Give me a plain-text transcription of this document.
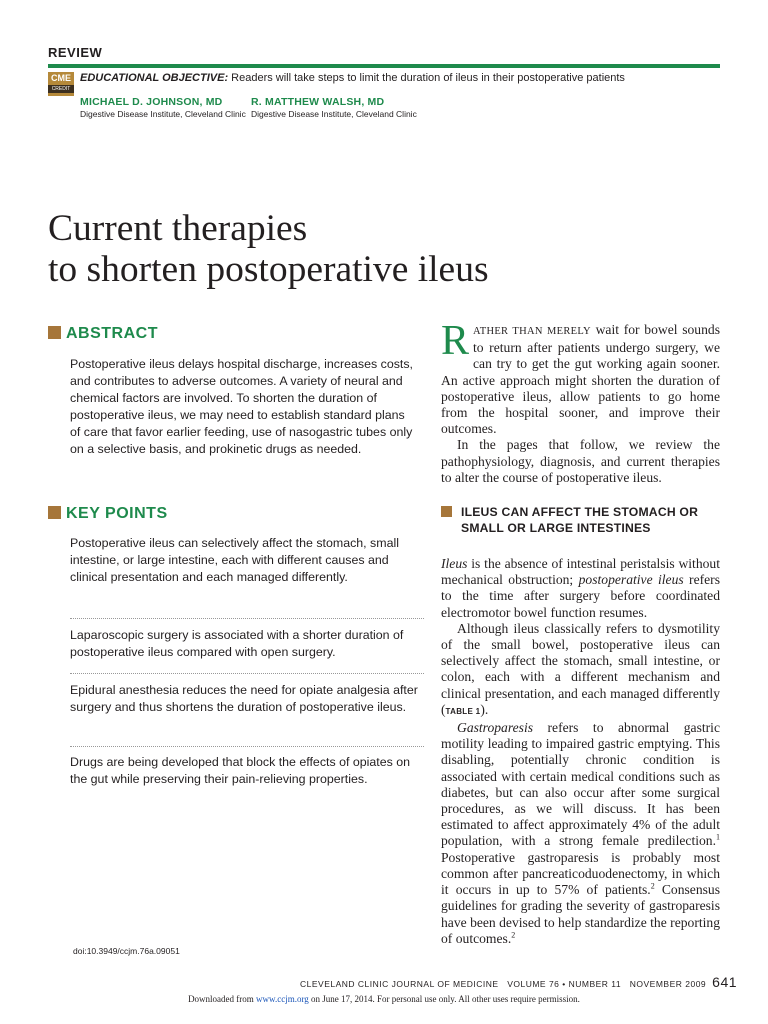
REVIEW
CME
CREDIT
EDUCATIONAL OBJECTIVE: Readers will take steps to limit the duration of ileus in their postoperative patients
MICHAEL D. JOHNSON, MD
Digestive Disease Institute, Cleveland Clinic
R. MATTHEW WALSH, MD
Digestive Disease Institute, Cleveland Clinic
Current therapies
to shorten postoperative ileus
ABSTRACT

Postoperative ileus delays hospital discharge, increases costs, and contributes to adverse outcomes. A variety of neural and chemical factors are involved. To shorten the duration of postoperative ileus, we may need to establish standard plans of care that favor earlier feeding, use of nasogastric tubes only on a selective basis, and prokinetic drugs as needed.

KEY POINTS

Postoperative ileus can selectively affect the stomach, small intestine, or large intestine, each with different causes and clinical presentation and each managed differently.

Laparoscopic surgery is associated with a shorter duration of postoperative ileus compared with open surgery.

Epidural anesthesia reduces the need for opiate analgesia after surgery and thus shortens the duration of postoperative ileus.

Drugs are being developed that block the effects of opiates on the gut while preserving their pain-relieving properties.

doi:10.3949/ccjm.76a.09051

RATHER THAN MERELY wait for bowel sounds to return after patients undergo surgery, we can try to get the gut working again sooner. An active approach might shorten the duration of postoperative ileus, allow patients to go home from the hospital sooner, and improve their outcomes.

In the pages that follow, we review the pathophysiology, diagnosis, and current therapies to alter the course of postoperative ileus.

ILEUS CAN AFFECT THE STOMACH OR SMALL OR LARGE INTESTINES

Ileus is the absence of intestinal peristalsis without mechanical obstruction; postoperative ileus refers to the time after surgery before coordinated electromotor bowel function resumes.

Although ileus classically refers to dysmotility of the small bowel, postoperative ileus can selectively affect the stomach, small intestine, or colon, each with a different mechanism and clinical presentation, and each managed differently (TABLE 1).

Gastroparesis refers to abnormal gastric motility leading to impaired gastric emptying. This disabling, potentially chronic condition is associated with certain medical conditions such as diabetes, but can also occur after some surgical procedures, as we will discuss. It has been estimated to affect approximately 4% of the adult population, with a strong female predilection.$^1$ Postoperative gastroparesis is probably most common after pancreaticoduodenectomy, in which it occurs in up to 57% of patients.$^2$ Consensus guidelines for grading the severity of gastroparesis have been devised to help standardize the reporting of outcomes.$^2$

CLEVELAND CLINIC JOURNAL OF MEDICINE VOLUME 76 • NUMBER 11 NOVEMBER 2009 641
Downloaded from www.ccjm.org on June 17, 2014. For personal use only. All other uses require permission.
